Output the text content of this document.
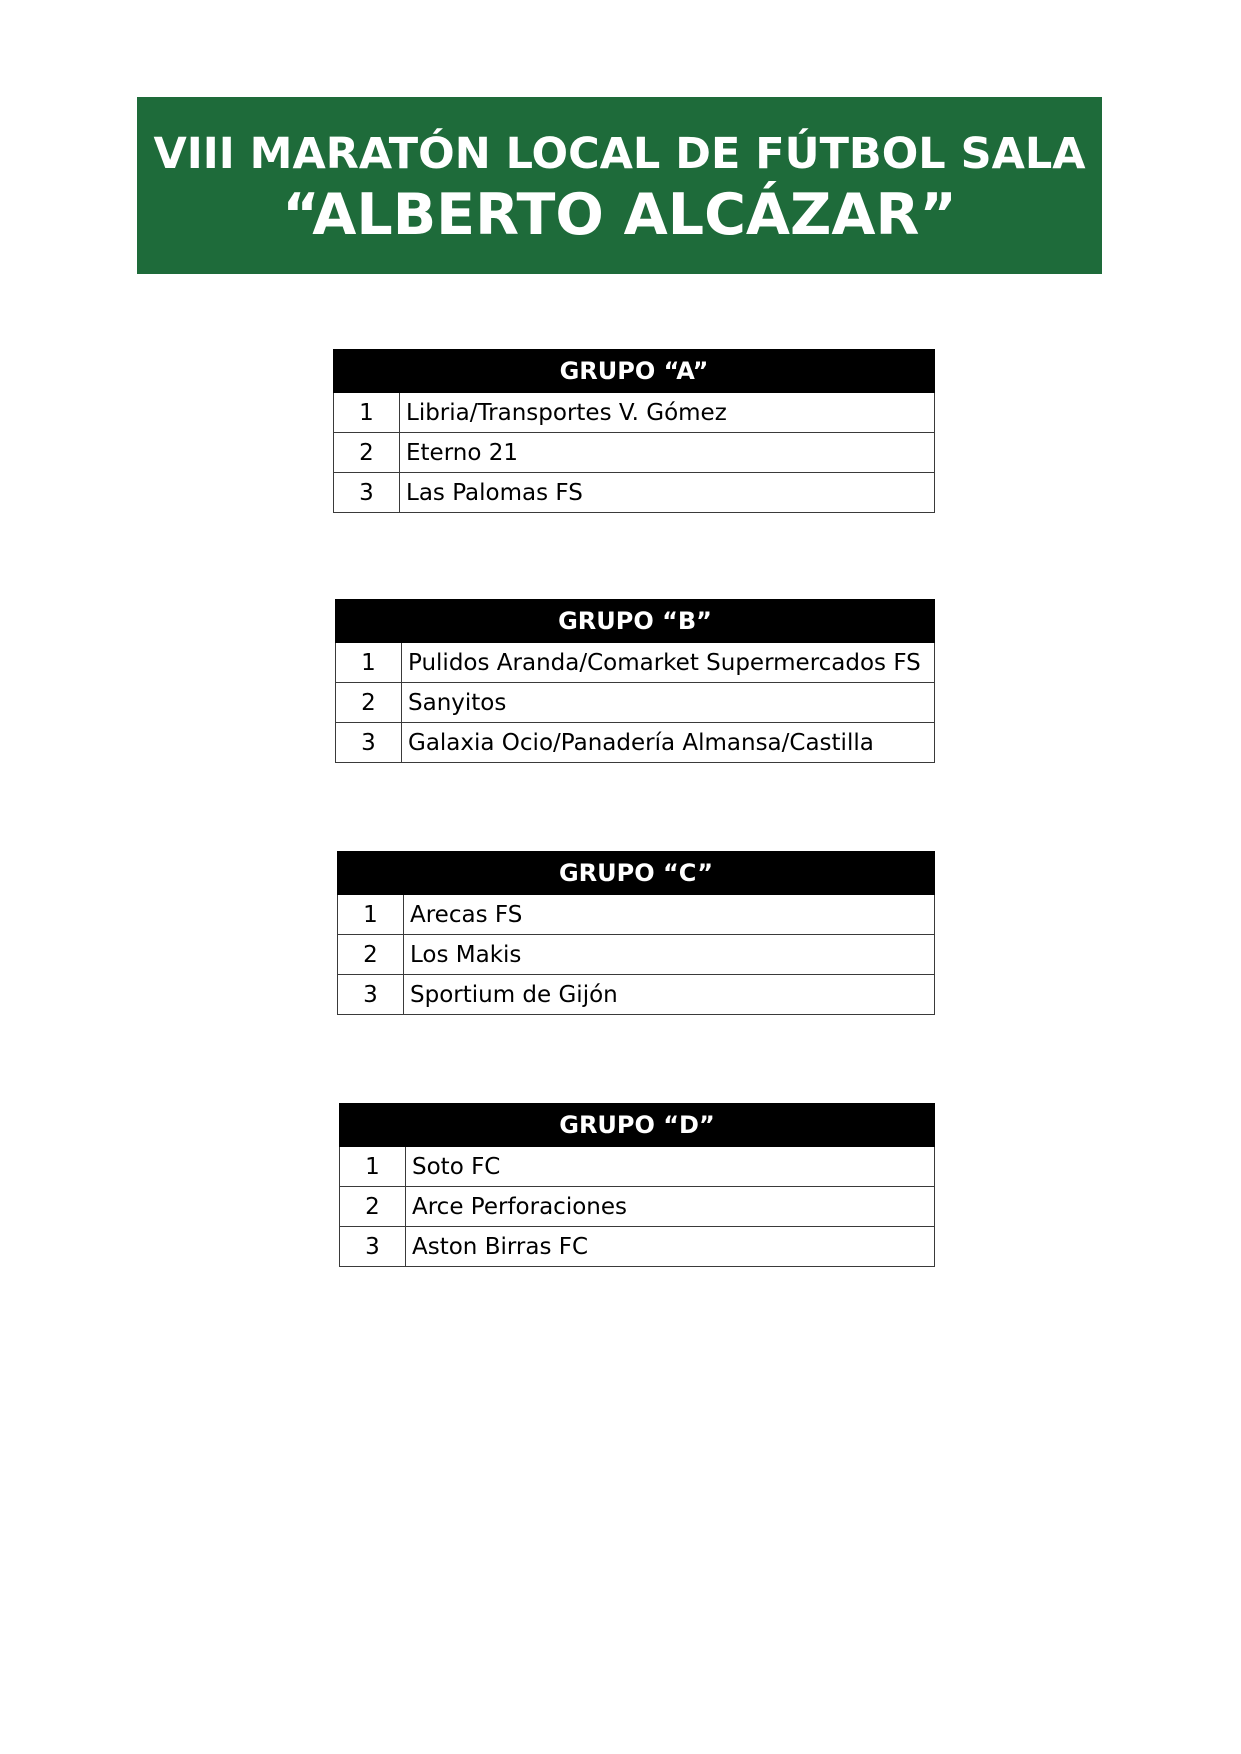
VIII MARATÓN LOCAL DE FÚTBOL SALA
“ALBERTO ALCÁZAR”
GRUPO “A”	
1	Libria/Transportes V. Gómez
2	Eterno 21
3	Las Palomas FS
GRUPO “B”	
1	Pulidos Aranda/Comarket Supermercados FS
2	Sanyitos
3	Galaxia Ocio/Panadería Almansa/Castilla
GRUPO “C”	
1	Arecas FS
2	Los Makis
3	Sportium de Gijón
GRUPO “D”	
1	Soto FC
2	Arce Perforaciones
3	Aston Birras FC
